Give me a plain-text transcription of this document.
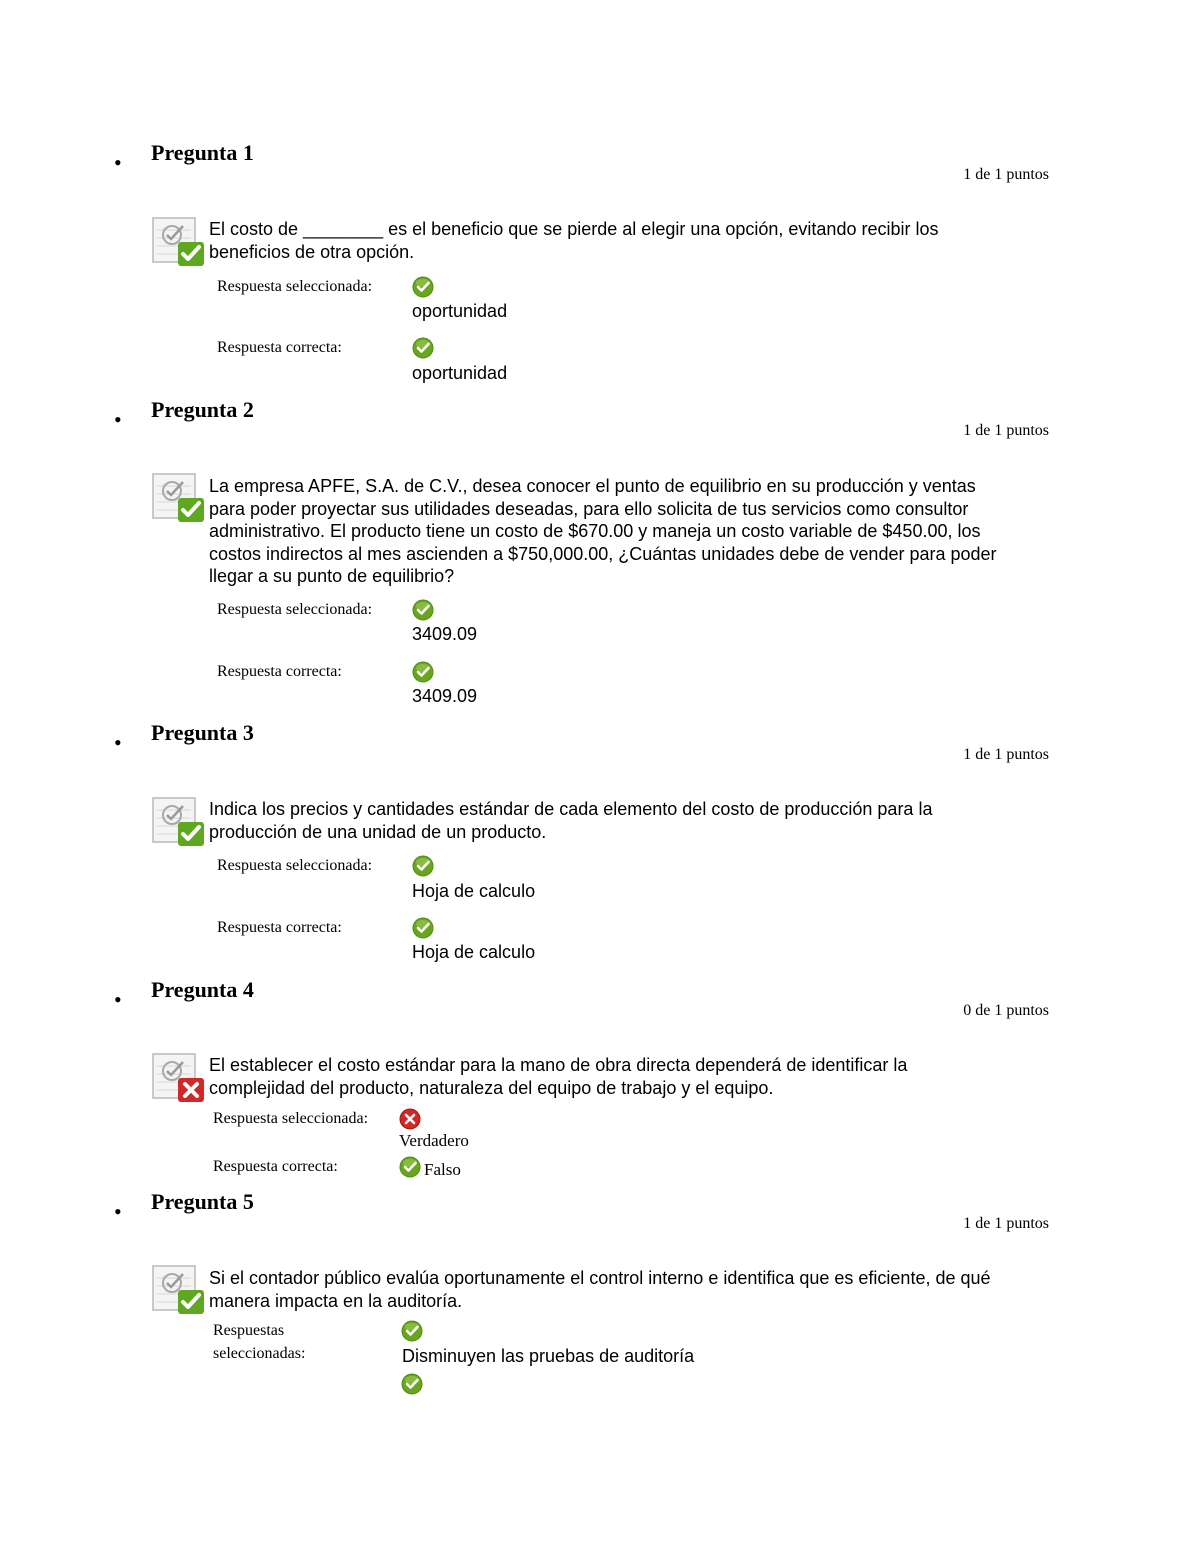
• Pregunta 1
1 de 1 puntos
El costo de ________ es el beneficio que se pierde al elegir una opción, evitando recibir los beneficios de otra opción.
Respuesta seleccionada:
oportunidad
Respuesta correcta:
oportunidad
• Pregunta 2
1 de 1 puntos
La empresa APFE, S.A. de C.V., desea conocer el punto de equilibrio en su producción y ventas para poder proyectar sus utilidades deseadas, para ello solicita de tus servicios como consultor administrativo. El producto tiene un costo de $670.00 y maneja un costo variable de $450.00, los costos indirectos al mes ascienden a $750,000.00, ¿Cuántas unidades debe de vender para poder llegar a su punto de equilibrio?
Respuesta seleccionada:
3409.09
Respuesta correcta:
3409.09
• Pregunta 3
1 de 1 puntos
Indica los precios y cantidades estándar de cada elemento del costo de producción para la producción de una unidad de un producto.
Respuesta seleccionada:
Hoja de calculo
Respuesta correcta:
Hoja de calculo
• Pregunta 4
0 de 1 puntos
El establecer el costo estándar para la mano de obra directa dependerá de identificar la complejidad del producto, naturaleza del equipo de trabajo y el equipo.
Respuesta seleccionada:
Verdadero
Respuesta correcta:	Falso
• Pregunta 5
1 de 1 puntos
Si el contador público evalúa oportunamente el control interno e identifica que es eficiente, de qué manera impacta en la auditoría.
Respuestas
seleccionadas:	Disminuyen las pruebas de auditoría
